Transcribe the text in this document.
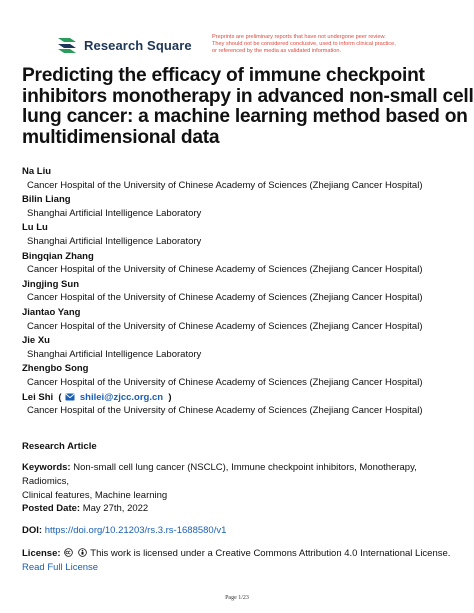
Research Square
Preprints are preliminary reports that have not undergone peer review.
They should not be considered conclusive, used to inform clinical practice,
or referenced by the media as validated information.
Predicting the efficacy of immune checkpoint
inhibitors monotherapy in advanced non-small cell
lung cancer: a machine learning method based on
multidimensional data
Na Liu
Cancer Hospital of the University of Chinese Academy of Sciences (Zhejiang Cancer Hospital)
Bilin Liang
Shanghai Artificial Intelligence Laboratory
Lu Lu
Shanghai Artificial Intelligence Laboratory
Bingqian Zhang
Cancer Hospital of the University of Chinese Academy of Sciences (Zhejiang Cancer Hospital)
Jingjing Sun
Cancer Hospital of the University of Chinese Academy of Sciences (Zhejiang Cancer Hospital)
Jiantao Yang
Cancer Hospital of the University of Chinese Academy of Sciences (Zhejiang Cancer Hospital)
Jie Xu
Shanghai Artificial Intelligence Laboratory
Zhengbo Song
Cancer Hospital of the University of Chinese Academy of Sciences (Zhejiang Cancer Hospital)
Lei Shi  ( shilei@zjcc.org.cn  )
Cancer Hospital of the University of Chinese Academy of Sciences (Zhejiang Cancer Hospital)
Research Article
Keywords: Non-small cell lung cancer (NSCLC), Immune checkpoint inhibitors, Monotherapy, Radiomics,
Clinical features, Machine learning
Posted Date: May 27th, 2022
DOI: https://doi.org/10.21203/rs.3.rs-1688580/v1
License:	This work is licensed under a Creative Commons Attribution 4.0 International License.
Read Full License
Page 1/23
